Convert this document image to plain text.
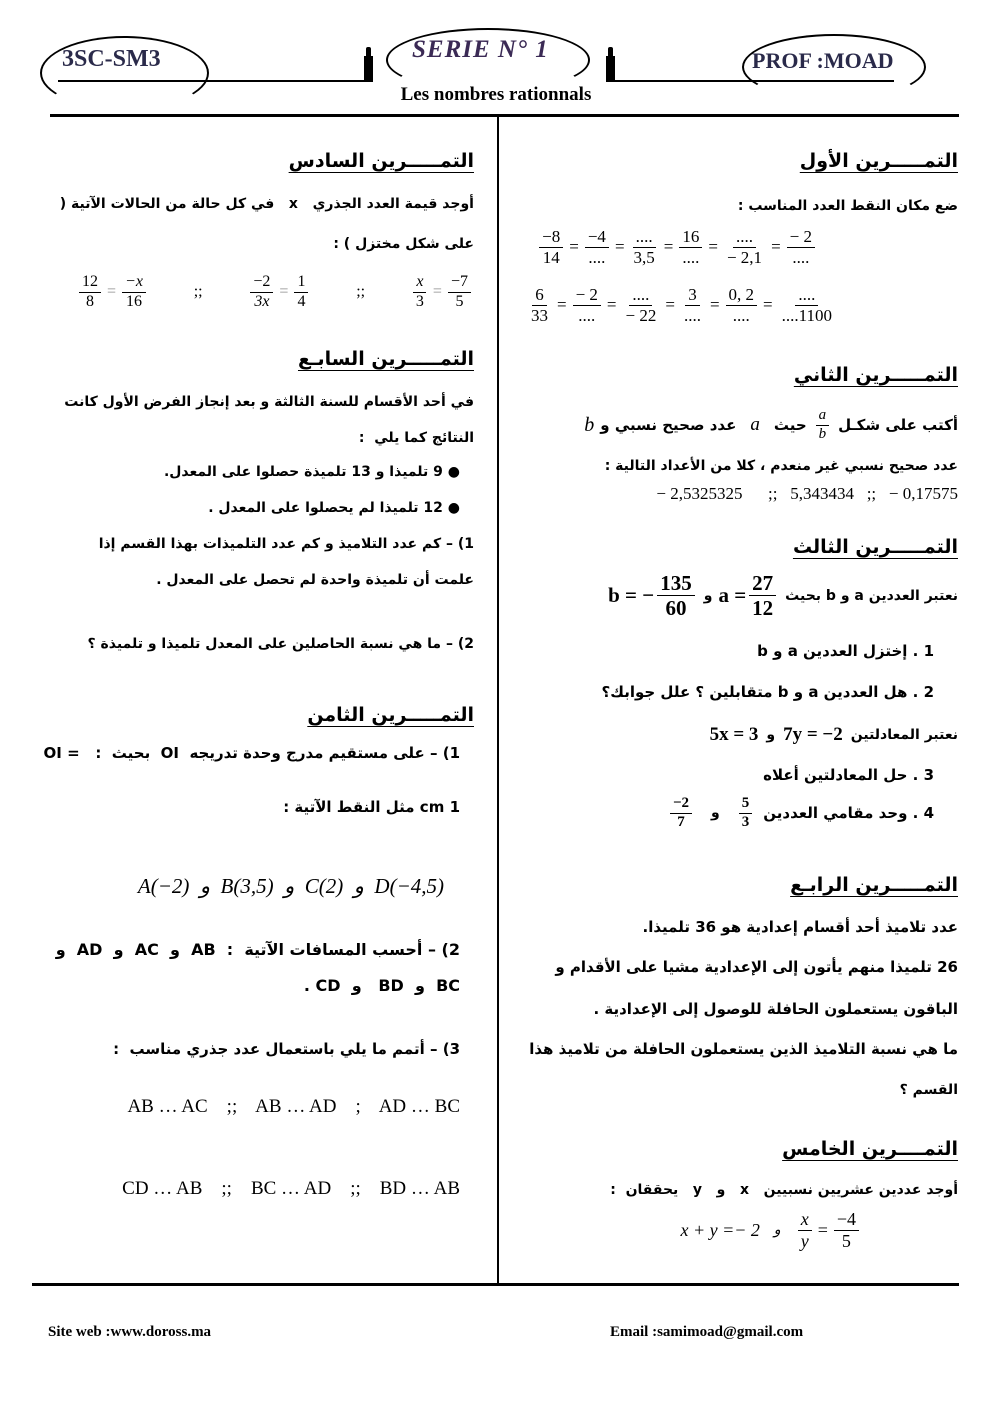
3SC-SM3	SERIE N° 1	PROF :MOAD
Les nombres rationnals
التمـــــرين الأول
ضع مكان النقط العدد المناسب :
$\frac{-8}{14} = \frac{-4}{....} = \frac{....}{3,5} = \frac{16}{....} = \frac{....}{- 2,1} = \frac{- 2}{....}$
$\frac{6}{33} = \frac{- 2}{....} = \frac{....}{- 22} = \frac{3}{....} = \frac{0, 2}{....} = \frac{....}{....1100}$
التمـــــرين الثاني
أكتب على شكـل
$\frac{a}{b}$
حيث
a
عدد صحيح نسبي و
b
عدد صحيح نسبي غير منعدم ، كلا من الأعداد التالية :
− 2,5325325      ;;   5,343434   ;;   − 0,17575
التمـــــرين الثالث
نعتبر العددين a و b بحيث
$a = \frac{27}{12}$
و
b = − $\frac{135}{60}$
1 . إختزل العددين a و b
2 . هل العددين a و b متقابلين ؟ علل جوابك؟
نعتبر المعادلتين
7y = −2
و
5x = 3
3 . حل المعادلتين أعلاه
4 . وحد مقامي العددين
$\frac{5}{3}$
و
$\frac{-2}{7}$
التمـــــرين الرابـع
عدد تلاميذ أحد أقسام إعدادية هو 36 تلميذا.
26 تلميذا منهم يأتون إلى الإعدادية مشيا على الأقدام و
الباقون يستعملون الحافلة للوصول إلى الإعدادية .
ما هي نسبة التلاميذ الذين يستعملون الحافلة من تلاميذ هذا
القسم ؟
التمــــرين الخامس
أوجد عددين عشريين نسبيين   x   و   y   يحققان  :
x + y =− 2 و $\frac{x}{y} = \frac{-4}{5}$
التمـــــرين السادس
أوجد قيمة العدد الجذري   x   في كل حالة من الحالات الآتية (
على شكل مختزل ) :
$\frac{12}{8} = \frac{-x}{16}$	;;	$\frac{-2}{3x} = \frac{1}{4}$	;;	$\frac{x}{3} = \frac{-7}{5}$
التمـــــرين السابـع
في أحد الأقسام للسنة الثالثة و بعد إنجاز الفرض الأول كانت
النتائج كما يلي  :
● 9 تلميذا و 13 تلميذة حصلوا على المعدل.
● 12 تلميذا لم يحصلوا على المعدل .
1) – كم عدد التلاميذ و كم عدد التلميذات بهذا القسم إذا
علمت أن تلميذة واحدة لم تحصل على المعدل .
2) – ما هي نسبة الحاصلين على المعدل تلميذا و تلميذة ؟
التمـــــرين الثامن
1) – على مستقيم مدرج وحدة تدريجه  OI  بحيث  :   = OI
1 cm مثل النقط الآتية :
D(−4,5)  و  C(2)  و  B(3,5)  و  A(−2)
2) – أحسب المسافات الآتية  :  AB  و  AC  و  AD  و
BC  و  BD   و  CD .
3) – أتمم ما يلي باستعمال عدد جذري مناسب  :
AB … AC    ;;    AB … AD    ;    AD … BC
CD … AB    ;;    BC … AD    ;;    BD … AB
Site web :www.doross.ma	Email :samimoad@gmail.com
